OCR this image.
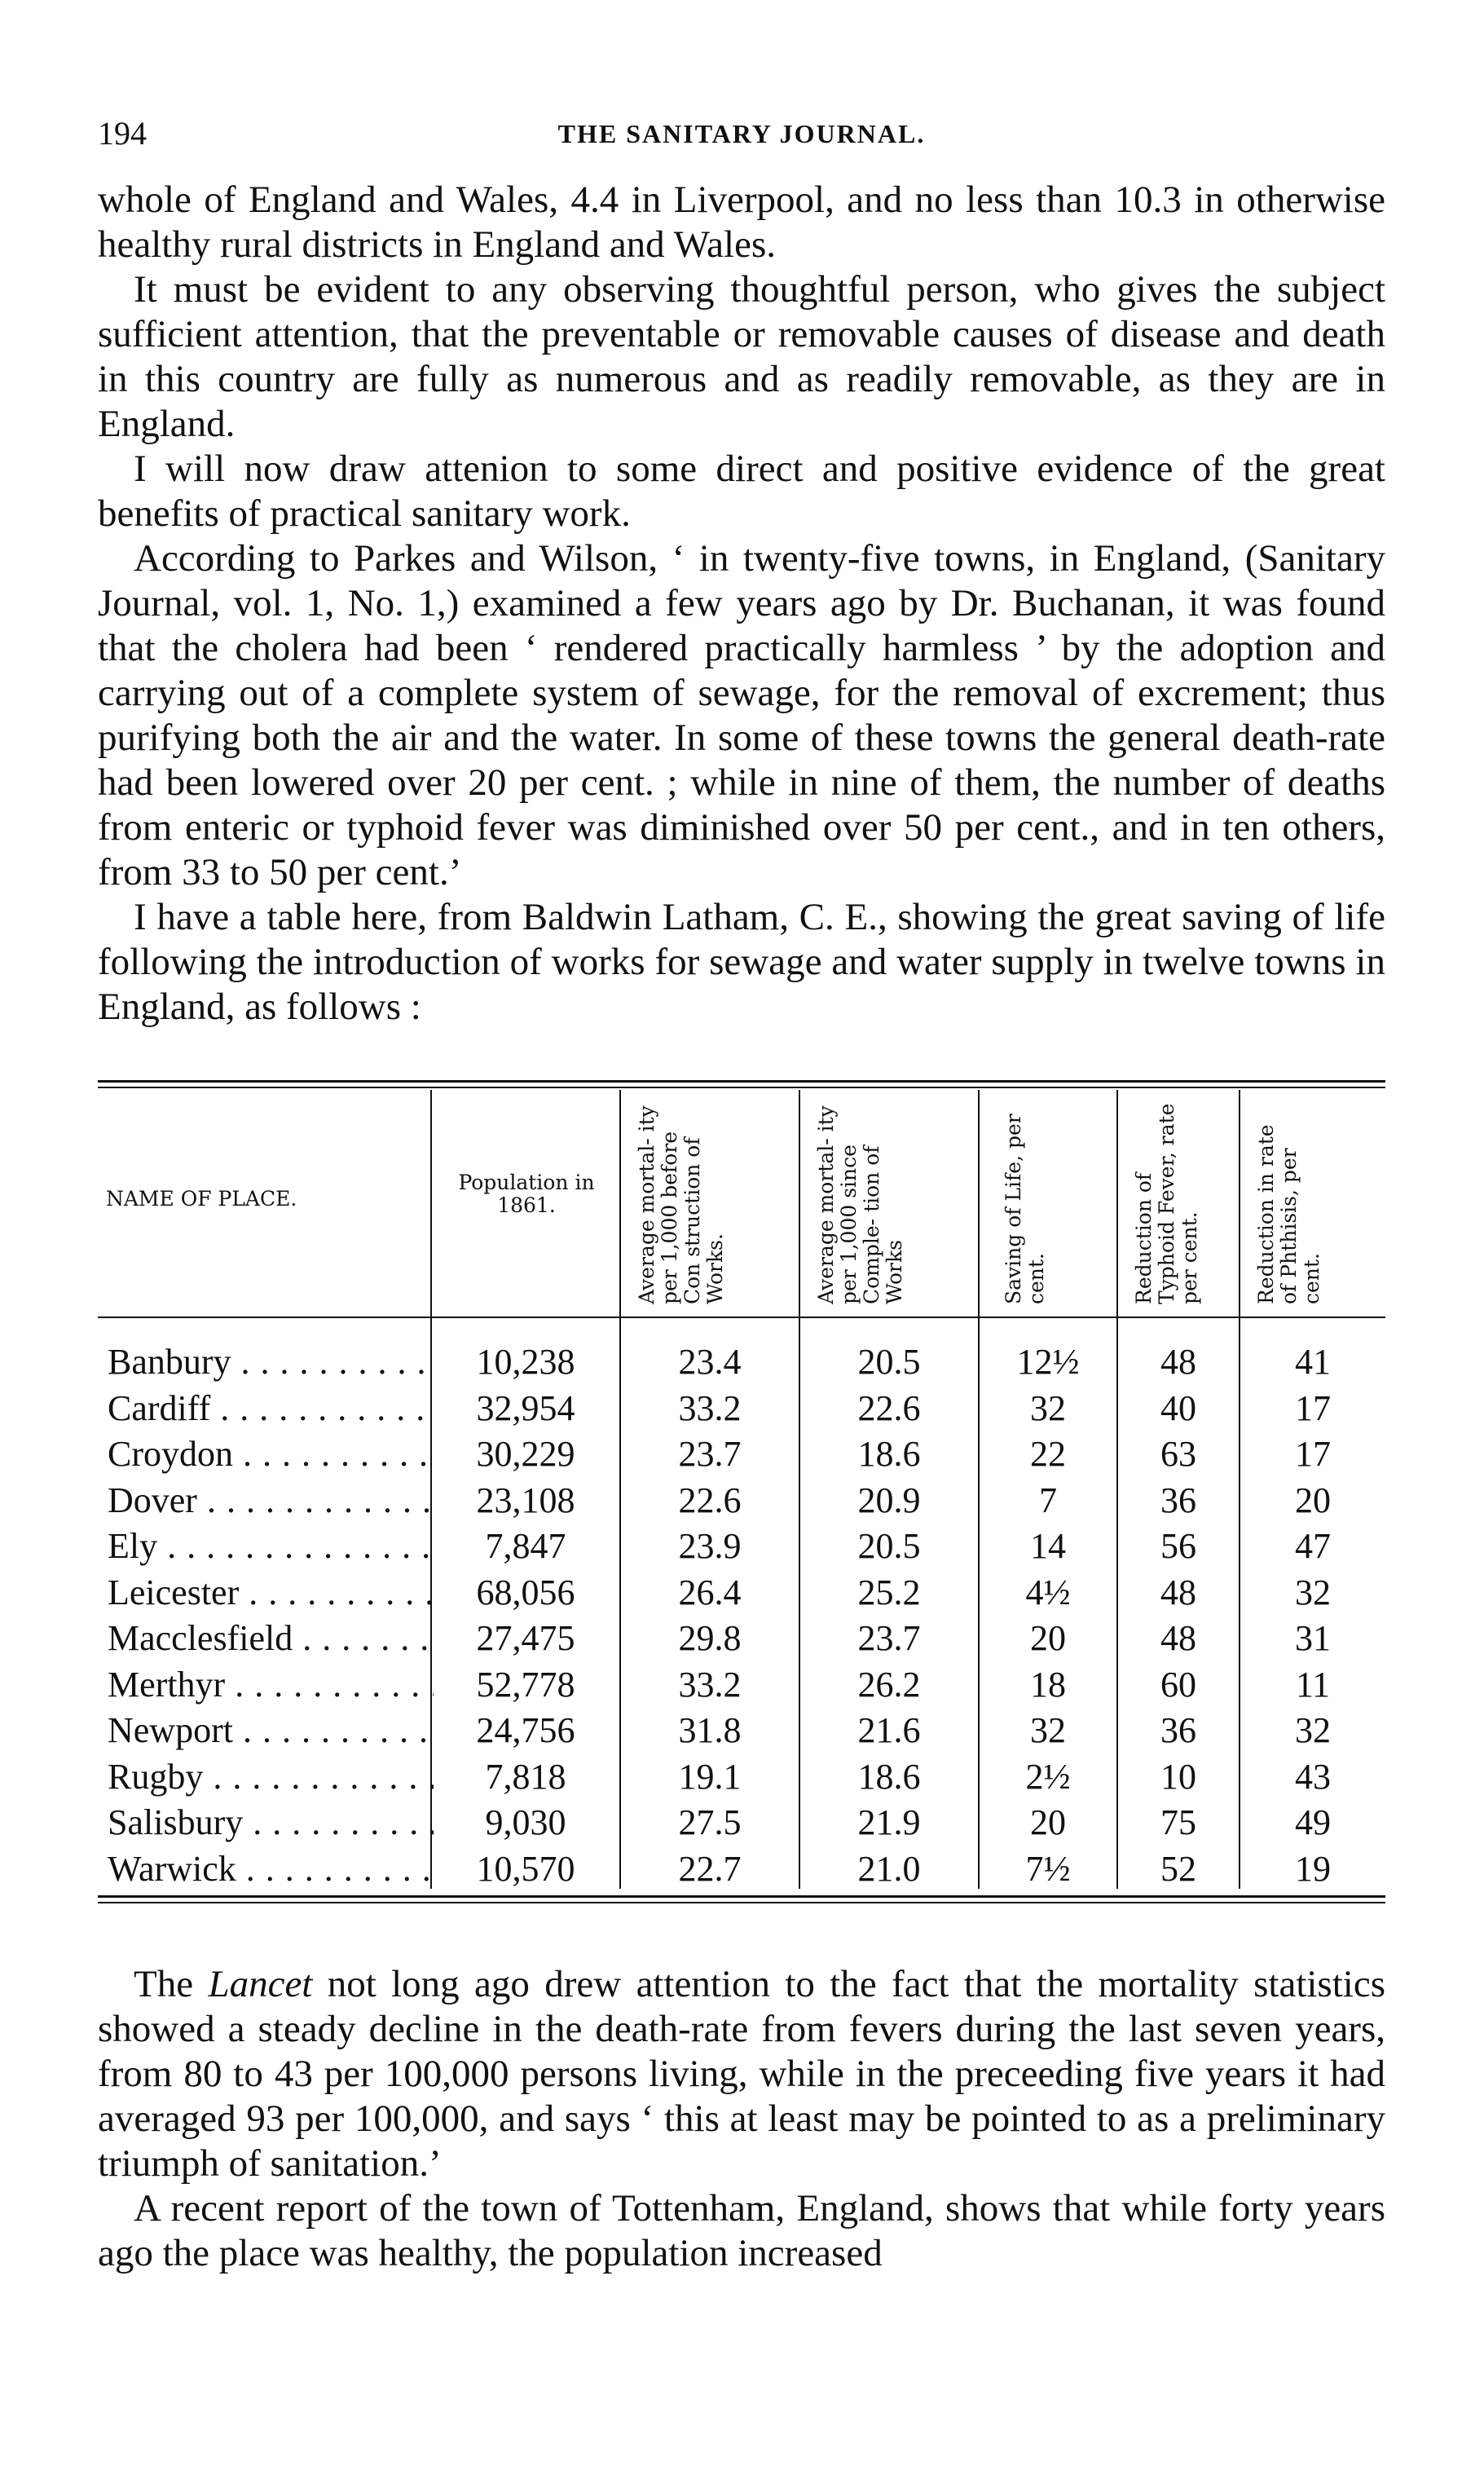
194	THE SANITARY JOURNAL.

whole of England and Wales, 4.4 in Liverpool, and no less than 10.3 in otherwise healthy rural districts in England and Wales.

It must be evident to any observing thoughtful person, who gives the subject sufficient attention, that the preventable or removable causes of disease and death in this country are fully as numerous and as readily removable, as they are in England.

I will now draw attenion to some direct and positive evidence of the great benefits of practical sanitary work.

According to Parkes and Wilson, ‘ in twenty-five towns, in England, (Sanitary Journal, vol. 1, No. 1,) examined a few years ago by Dr. Buchanan, it was found that the cholera had been ‘ rendered practically harmless ’ by the adoption and carrying out of a complete system of sewage, for the removal of excrement; thus purifying both the air and the water. In some of these towns the general death-rate had been lowered over 20 per cent. ; while in nine of them, the number of deaths from enteric or typhoid fever was diminished over 50 per cent., and in ten others, from 33 to 50 per cent.’

I have a table here, from Baldwin Latham, C. E., showing the great saving of life following the introduction of works for sewage and water supply in twelve towns in England, as follows :

NAME OF PLACE.
Population in 1861.	Average mortal- ity per 1,000 before Con struction of Works.	Average mortal- ity per 1,000 since Comple- tion of Works	Saving of Life, per cent.	Reduction of Typhoid Fever, rate per cent.	Reduction in rate of Phthisis, per cent.
Banbury . . .	10,238	23.4	20.5	12½	48	41
Cardiff . . .	32,954	33.2	22.6	32	40	17
Croydon . . .	30,229	23.7	18.6	22	63	17
Dover . . .	23,108	22.6	20.9	7	36	20
Ely . . .	7,847	23.9	20.5	14	56	47
Leicester . . .	68,056	26.4	25.2	4½	48	32
Macclesfield . . .	27,475	29.8	23.7	20	48	31
Merthyr . . .	52,778	33.2	26.2	18	60	11
Newport . . .	24,756	31.8	21.6	32	36	32
Rugby . . .	7,818	19.1	18.6	2½	10	43
Salisbury . . .	9,030	27.5	21.9	20	75	49
Warwick . . .	10,570	22.7	21.0	7½	52	19

The Lancet not long ago drew attention to the fact that the mortality statistics showed a steady decline in the death-rate from fevers during the last seven years, from 80 to 43 per 100,000 persons living, while in the preceeding five years it had averaged 93 per 100,000, and says ‘ this at least may be pointed to as a preliminary triumph of sanitation.’

A recent report of the town of Tottenham, England, shows that while forty years ago the place was healthy, the population increased
